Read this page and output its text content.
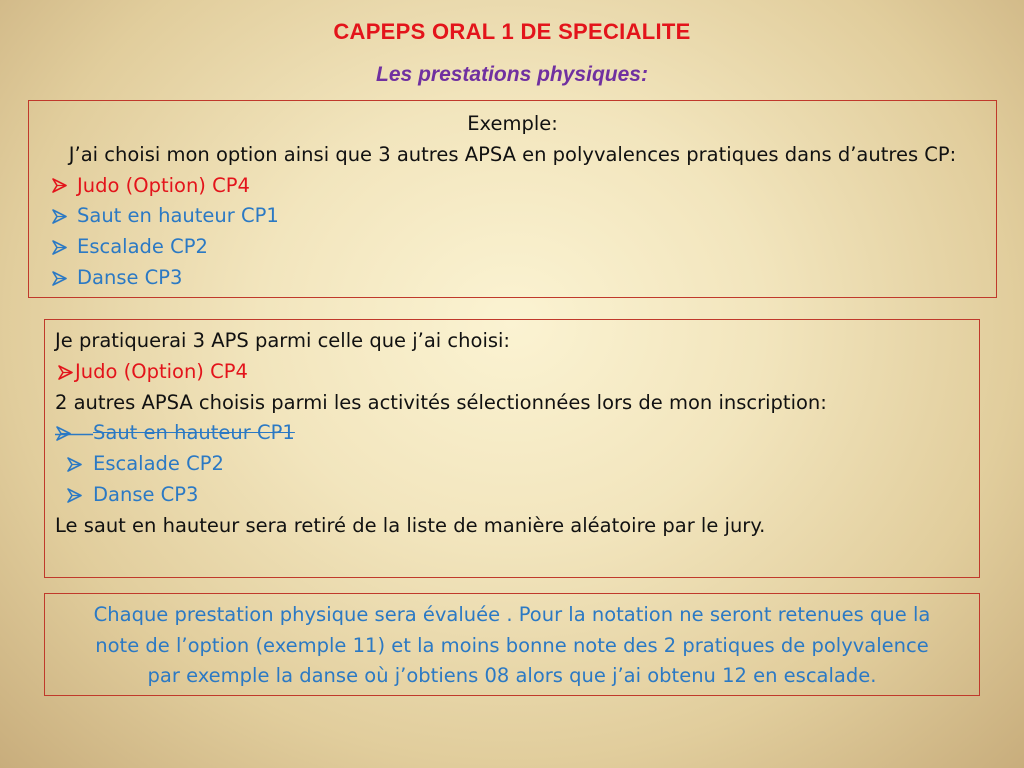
CAPEPS ORAL 1 DE SPECIALITE
Les prestations physiques:
Exemple:
J’ai choisi mon option ainsi que 3 autres APSA en polyvalences pratiques dans d’autres CP:
Judo (Option) CP4
Saut en hauteur CP1
Escalade CP2
Danse CP3
Je pratiquerai 3 APS parmi celle que j’ai choisi:
Judo (Option) CP4
2 autres APSA choisis parmi les activités sélectionnées lors de mon inscription:
Saut en hauteur CP1
Escalade CP2
Danse CP3
Le saut en hauteur sera retiré de la liste de manière aléatoire par le jury.
Chaque prestation physique sera évaluée . Pour la notation ne seront retenues que la
note de l’option (exemple 11) et la moins bonne note des 2 pratiques de polyvalence
par exemple la danse où j’obtiens 08 alors que j’ai obtenu 12 en escalade.
